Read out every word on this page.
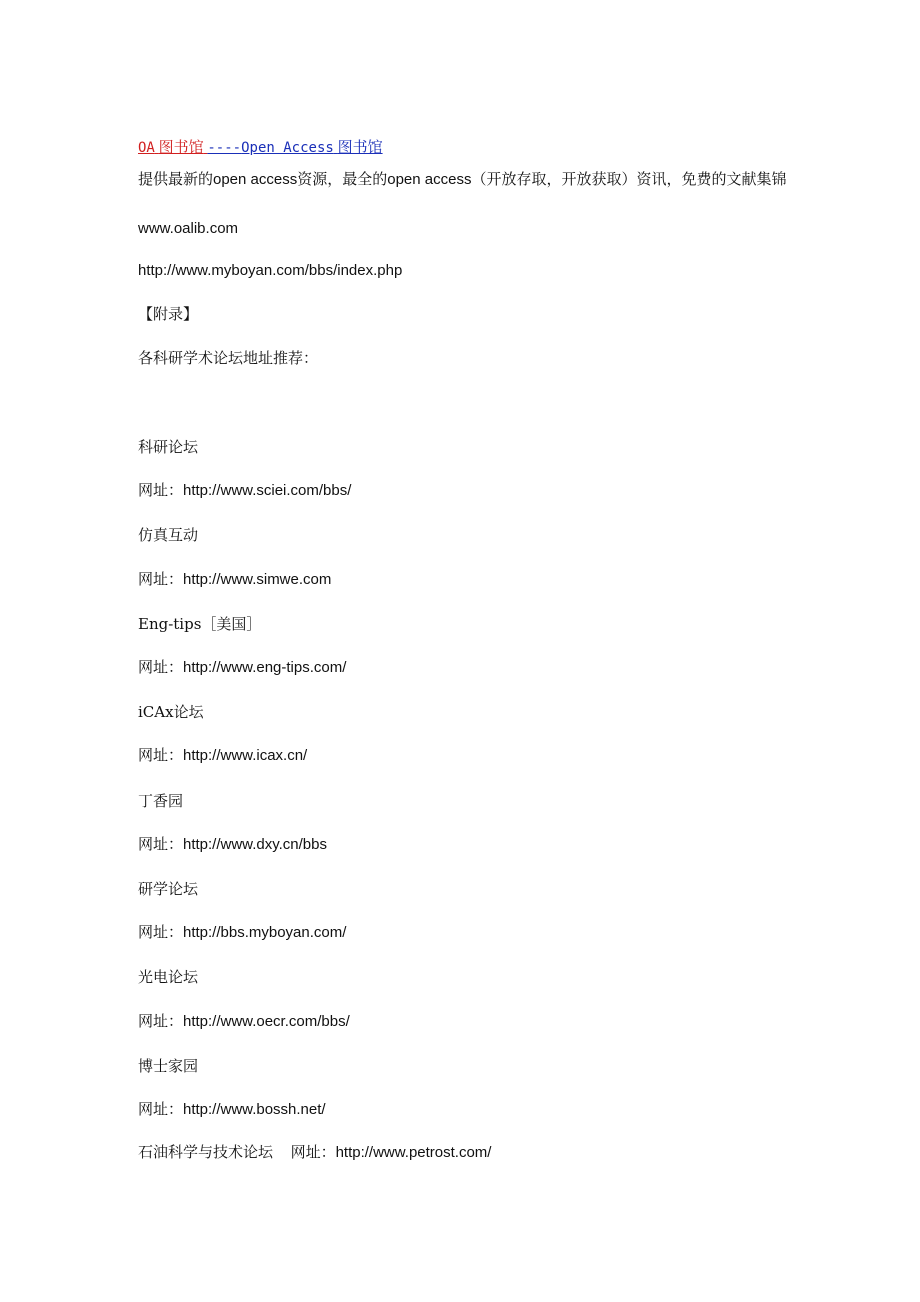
OA 图书馆 ----Open Access 图书馆
提供最新的open access资源，最全的open access（开放存取，开放获取）资讯，免费的文献集锦
www.oalib.com
http://www.myboyan.com/bbs/index.php
【附录】
各科研学术论坛地址推荐：
科研论坛
网址：http://www.sciei.com/bbs/
仿真互动
网址：http://www.simwe.com
Eng-tips［美国］
网址：http://www.eng-tips.com/
iCAx论坛
网址：http://www.icax.cn/
丁香园
网址：http://www.dxy.cn/bbs
研学论坛
网址：http://bbs.myboyan.com/
光电论坛
网址：http://www.oecr.com/bbs/
博士家园
网址：http://www.bossh.net/
石油科学与技术论坛 网址：http://www.petrost.com/
